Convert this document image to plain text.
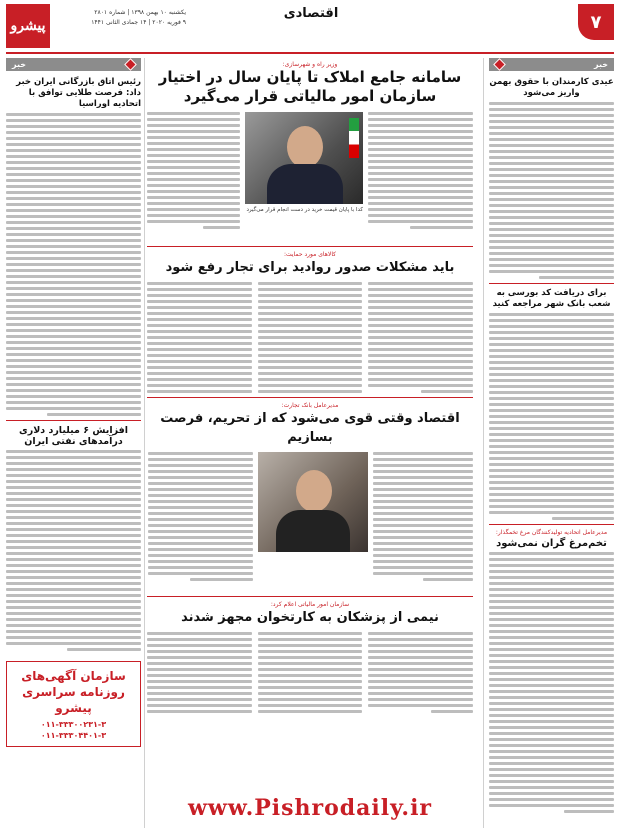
پیشرو
یکشنبه ۱۰ بهمن ۱۳۹۸ | شماره ۲۸۰۱
۹ فوریه ۲۰۲۰ | ۱۴ جمادی الثانی ۱۴۴۱
اقتصادی	۷
خبر
عیدی کارمندان با حقوق بهمن واریز می‌شود
برای دریافت کد بورسی به شعب بانک شهر مراجعه کنید
مدیرعامل اتحادیه تولیدکنندگان مرغ تخمگذار:
تخم‌مرغ گران نمی‌شود
خبر
رئیس اتاق بازرگانی ایران خبر داد: فرصت طلایی توافق با اتحادیه اوراسیا
افزایش ۶ میلیارد دلاری درآمدهای نفتی ایران
سازمان آگهی‌های روزنامه سراسری پیشرو
۰۱۱-۳۳۳۰۰۲۳۱-۳
۰۱۱-۳۳۳۰۴۴۰۱-۳
وزیر راه و شهرسازی:
سامانه جامع املاک تا پایان سال در اختیار سازمان امور مالیاتی قرار می‌گیرد
کدا با پایان قیمت خرید در دست انجام قرار می‌گیرد
کالاهای مورد حمایت:
باید مشکلات صدور روادید برای تجار رفع شود
مدیرعامل بانک تجارت:
اقتصاد وقتی قوی می‌شود که از تحریم، فرصت بسازیم
سازمان امور مالیاتی اعلام کرد:
نیمی از پزشکان به کارتخوان مجهز شدند
www.Pishrodaily.ir
